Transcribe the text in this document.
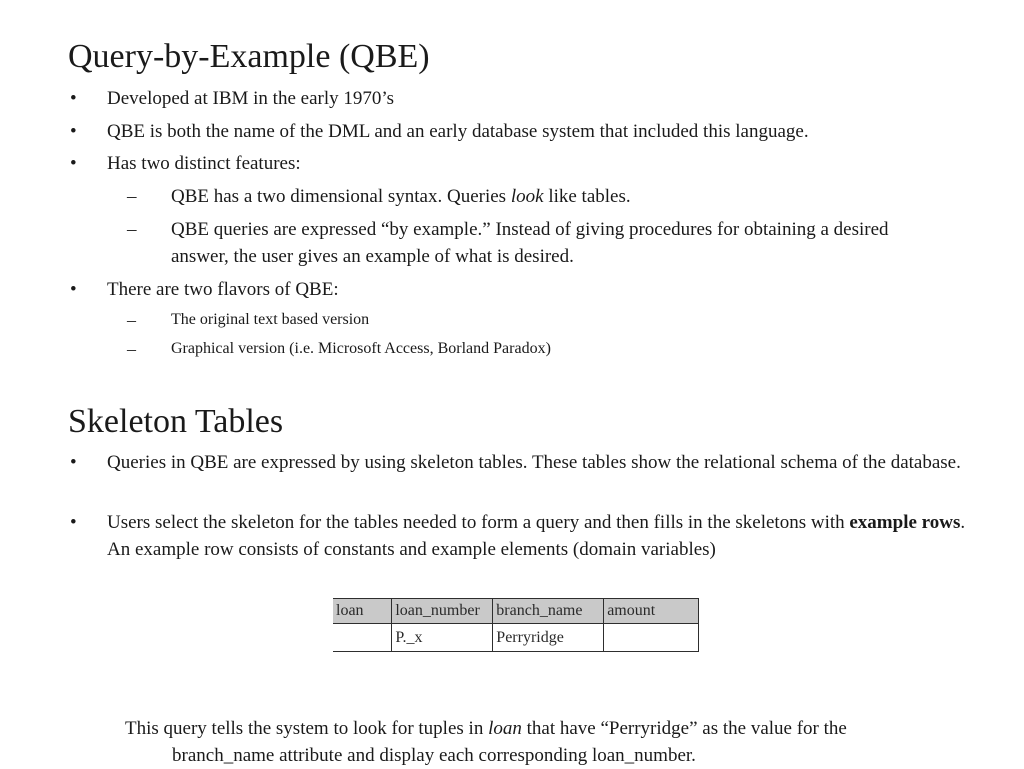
Query-by-Example (QBE)
• Developed at IBM in the early 1970’s
• QBE is both the name of the DML and an early database system that included this language.
• Has two distinct features:
– QBE has a two dimensional syntax. Queries look like tables.
– QBE queries are expressed “by example.” Instead of giving procedures for obtaining a desired answer, the user gives an example of what is desired.
• There are two flavors of QBE:
– The original text based version
– Graphical version (i.e. Microsoft Access, Borland Paradox)
Skeleton Tables
• Queries in QBE are expressed by using skeleton tables. These tables show the relational schema of the database.
• Users select the skeleton for the tables needed to form a query and then fills in the skeletons with example rows. An example row consists of constants and example elements (domain variables)
loan	loan_number	branch_name	amount
	P._x	Perryridge	
This query tells the system to look for tuples in loan that have “Perryridge” as the value for the
branch_name attribute and display each corresponding loan_number.
